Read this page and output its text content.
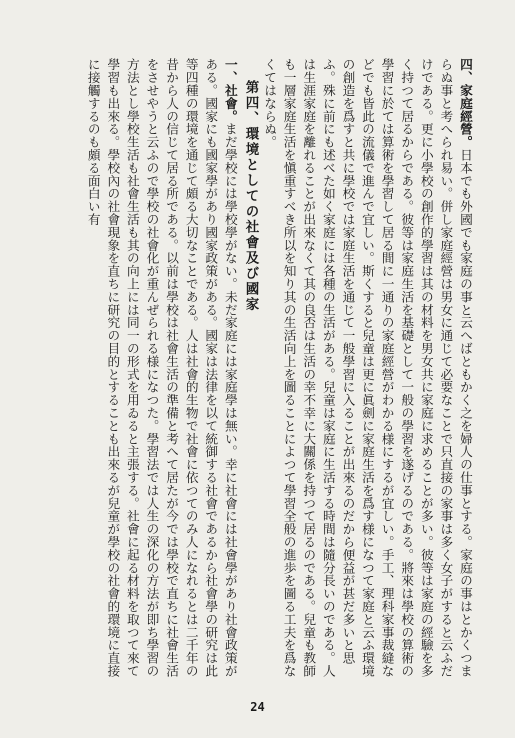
四、家庭經營。日本でも外國でも家庭の事と云へばともかく之を婦人の仕事とする。家庭の事はとかくつまらぬ事と考へられ易い。併し家庭經營は男女に通じて必要なことで只直接の家事は多く女子がすると云ふだけである。更に小學校の創作的學習は其の材料を男女共に家庭に求めることが多い。彼等は家庭の經驗を多く持つて居るからである。彼等は家庭生活を基礎として一般の學習を遂げるのである。將來は學校の算術の學習に於ては算術を學習して居る間に一通りの家庭經營がわかる様にするが宜しい。手工、理科家事裁縫などでも皆此の流儀で進んで宜しい。斯くすると兒童は更に眞劍に家庭生活を爲す様になつて家庭と云ふ環境の創造を爲すと共に學校では家庭生活を通じて一般學習に入ることが出來るのだから便益が甚だ多いと思ふ。殊に前にも述べた如く家庭には各種の生活がある。兒童は家庭に生活する時間は隨分長いのである。人は生涯家庭を離れることが出來なくて其の良否は生活の幸不幸に大關係を持つて居るのである。兒童も教師も一層家庭生活を愼重すべき所以を知り其の生活向上を圖ることによつて學習全般の進歩を圖る工夫を爲なくてはならぬ。

第四、環境としての社會及び國家

一、社會。まだ學校には學校學がない。未だ家庭には家庭學は無い。幸に社會には社會學があり社會政策がある。國家にも國家學があり國家政策がある。國家は法律を以て統御する社會であるから社會學の研究は此等四種の環境を通じて頗る大切なことである。人は社會的生物で社會に依つてのみ人になれるとは二千年の昔から人の信じて居る所である。以前は學校は社會生活の準備と考へて居たが今では學校で直ちに社會生活をさせやうと云ふので學校の社會化が重んぜられる様になつた。學習法では人生の深化の方法が即ち學習の方法とし學校生活も社會生活も其の向上には同一の形式を用ゐると主張する。社會に起る材料を取つて來て學習も出來る。學校內の社會現象を直ちに研究の目的とすることも出來るが兒童が學校の社會的環境に直接に接觸するのも頗る面白い有

24
